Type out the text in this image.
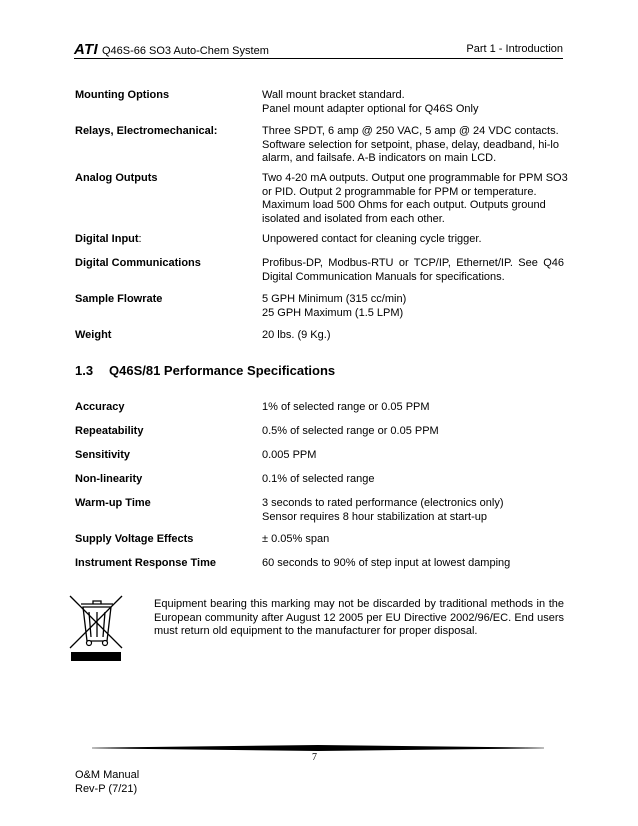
ATI Q46S-66 SO3 Auto-Chem System	Part 1 - Introduction
Mounting Options	Wall mount bracket standard.
Panel mount adapter optional for Q46S Only
Relays, Electromechanical:	Three SPDT, 6 amp @ 250 VAC, 5 amp @ 24 VDC contacts.
Software selection for setpoint, phase, delay, deadband, hi-lo
alarm, and failsafe. A-B indicators on main LCD.
Analog Outputs	Two 4-20 mA outputs. Output one programmable for PPM SO3
or PID. Output 2 programmable for PPM or temperature.
Maximum load 500 Ohms for each output. Outputs ground
isolated and isolated from each other.
Digital Input:	Unpowered contact for cleaning cycle trigger.
Digital Communications	Profibus-DP, Modbus-RTU or TCP/IP, Ethernet/IP. See Q46
Digital Communication Manuals for specifications.
Sample Flowrate	5 GPH Minimum (315 cc/min)
25 GPH Maximum (1.5 LPM)
Weight	20 lbs. (9 Kg.)
1.3 Q46S/81 Performance Specifications
Accuracy	1% of selected range or 0.05 PPM
Repeatability	0.5% of selected range or 0.05 PPM
Sensitivity	0.005 PPM
Non-linearity	0.1% of selected range
Warm-up Time	3 seconds to rated performance (electronics only)
Sensor requires 8 hour stabilization at start-up
Supply Voltage Effects	± 0.05% span
Instrument Response Time	60 seconds to 90% of step input at lowest damping
Equipment bearing this marking may not be discarded by traditional methods in the
European community after August 12 2005 per EU Directive 2002/96/EC. End users
must return old equipment to the manufacturer for proper disposal.
7
O&M Manual
Rev-P (7/21)
